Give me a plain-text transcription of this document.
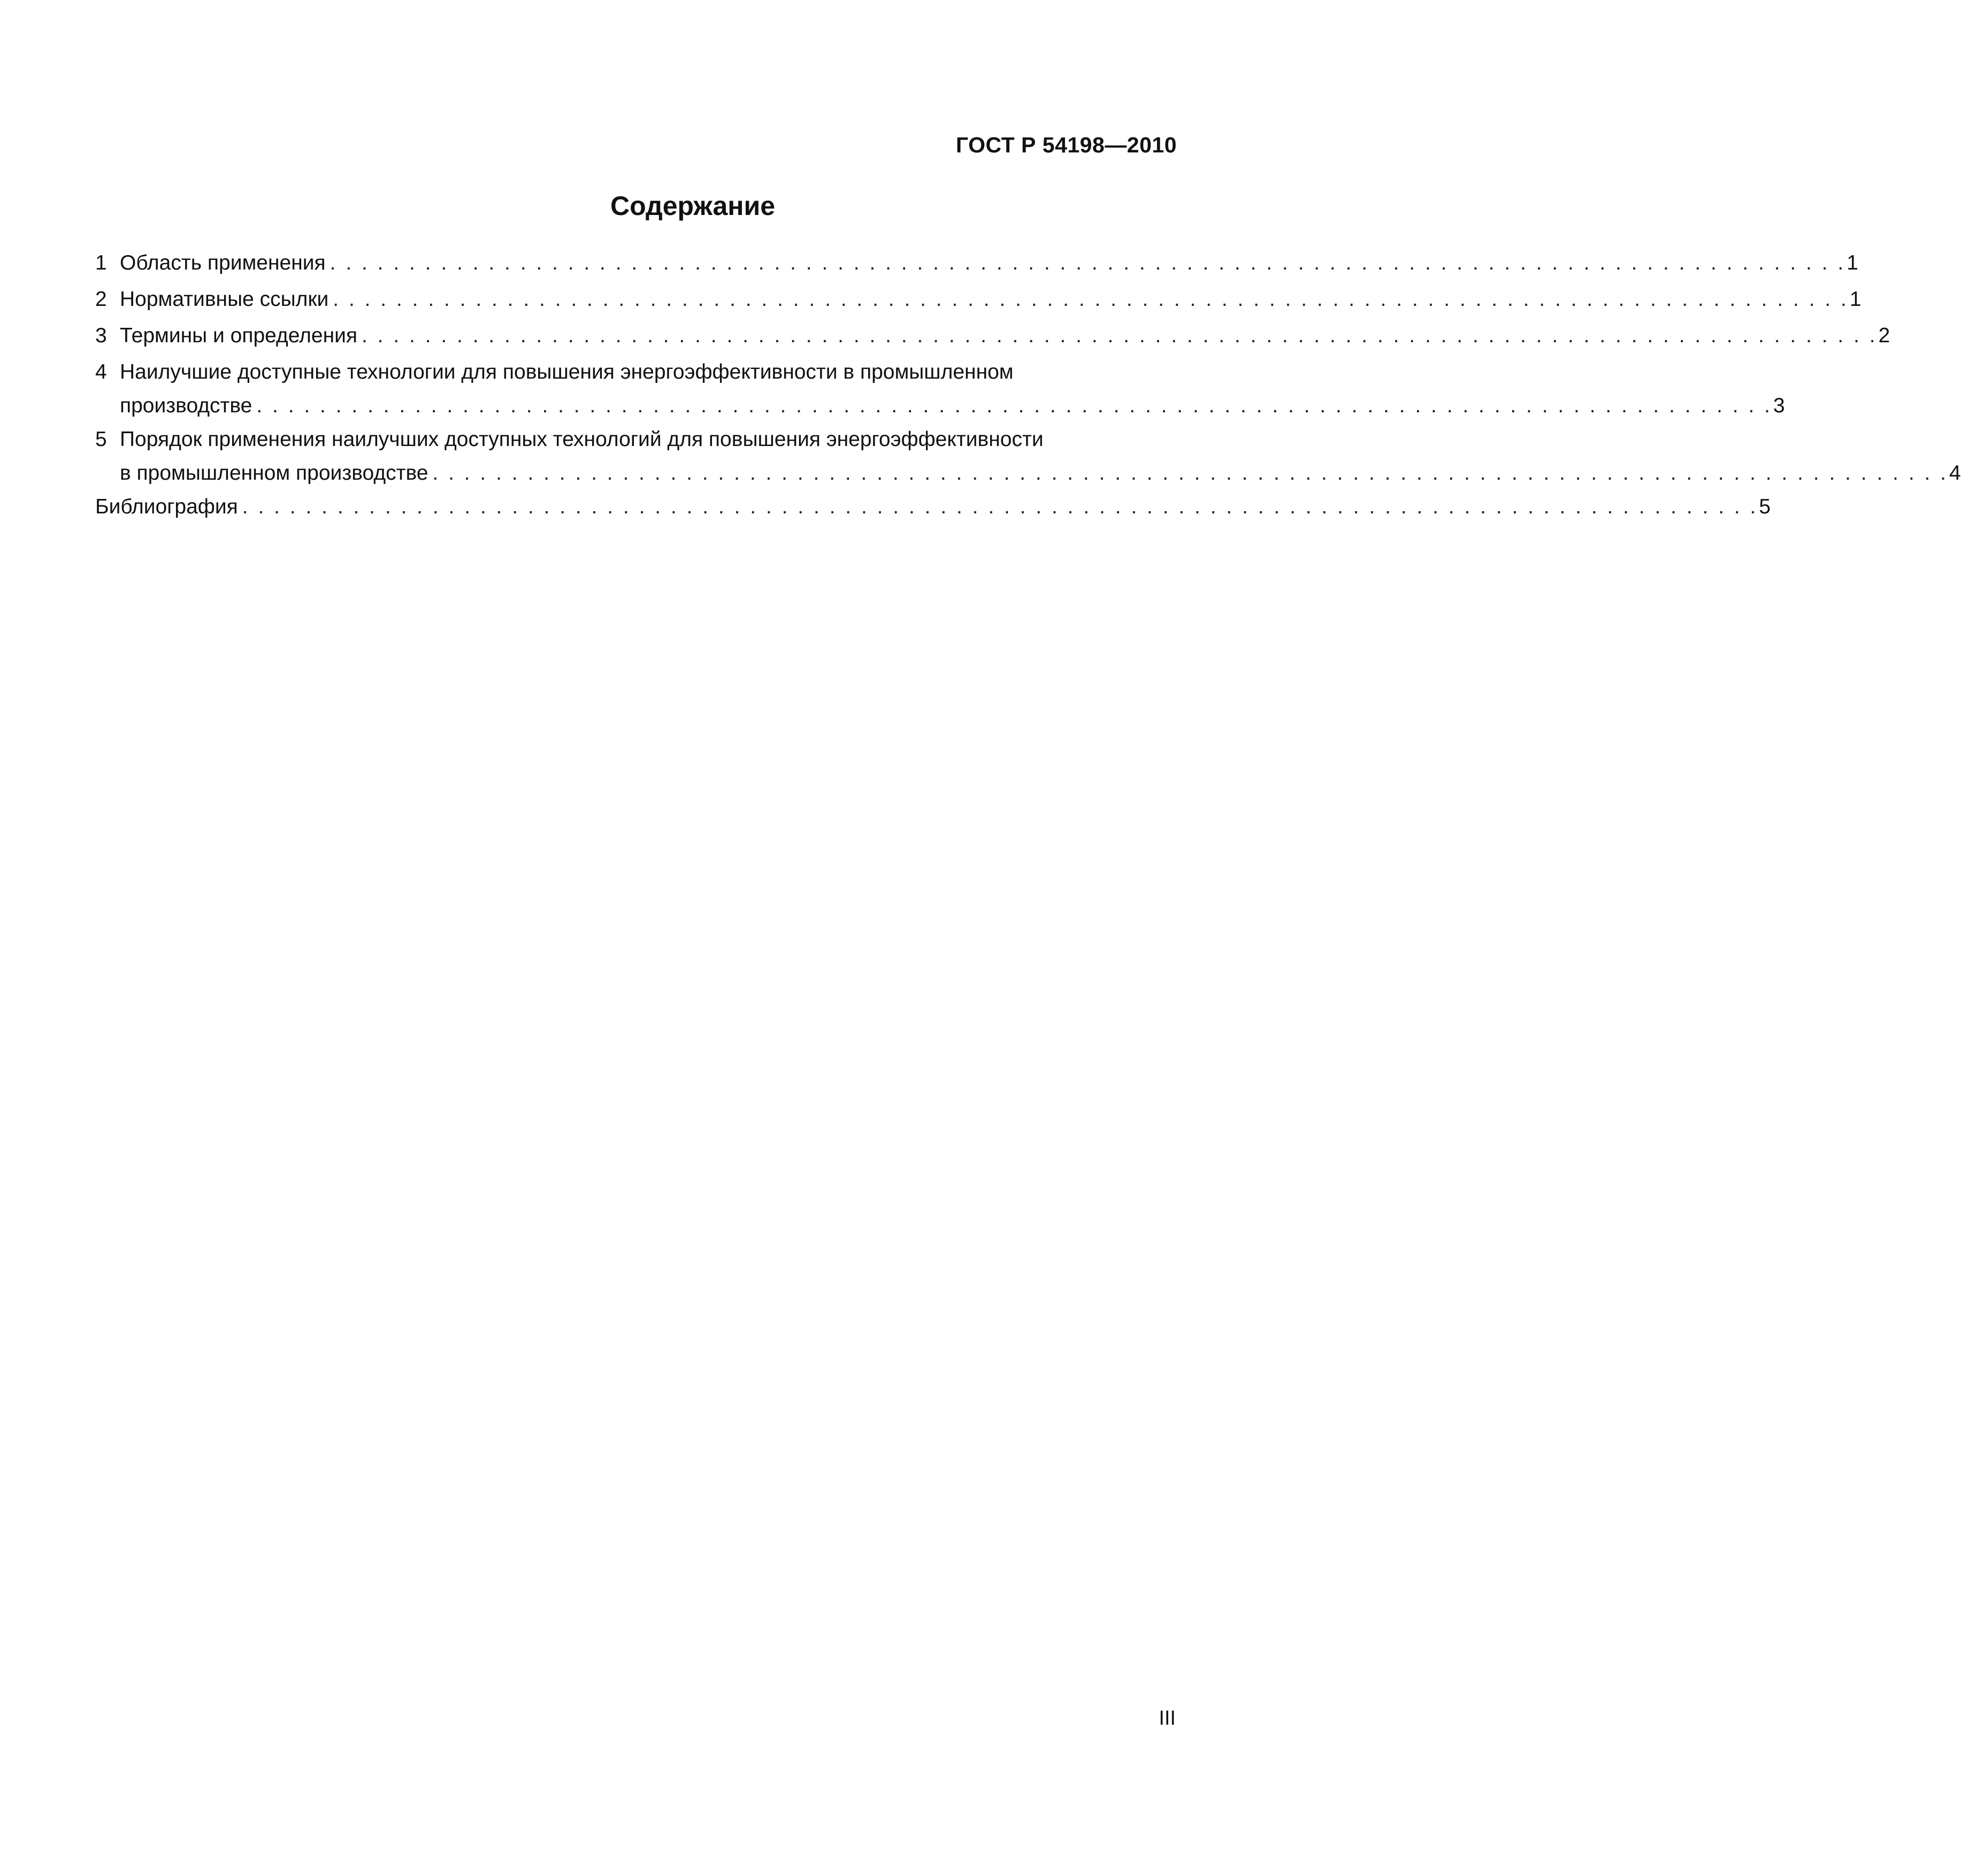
ГОСТ Р 54198—2010
Содержание
1 Область применения . . .	1
2 Нормативные ссылки . . .	1
3 Термины и определения . . .	2
4 Наилучшие доступные технологии для повышения энергоэффективности в промышленном
производстве . . .	3
5 Порядок применения наилучших доступных технологий для повышения энергоэффективности
в промышленном производстве . . .	4
Библиография . . .	5
III
